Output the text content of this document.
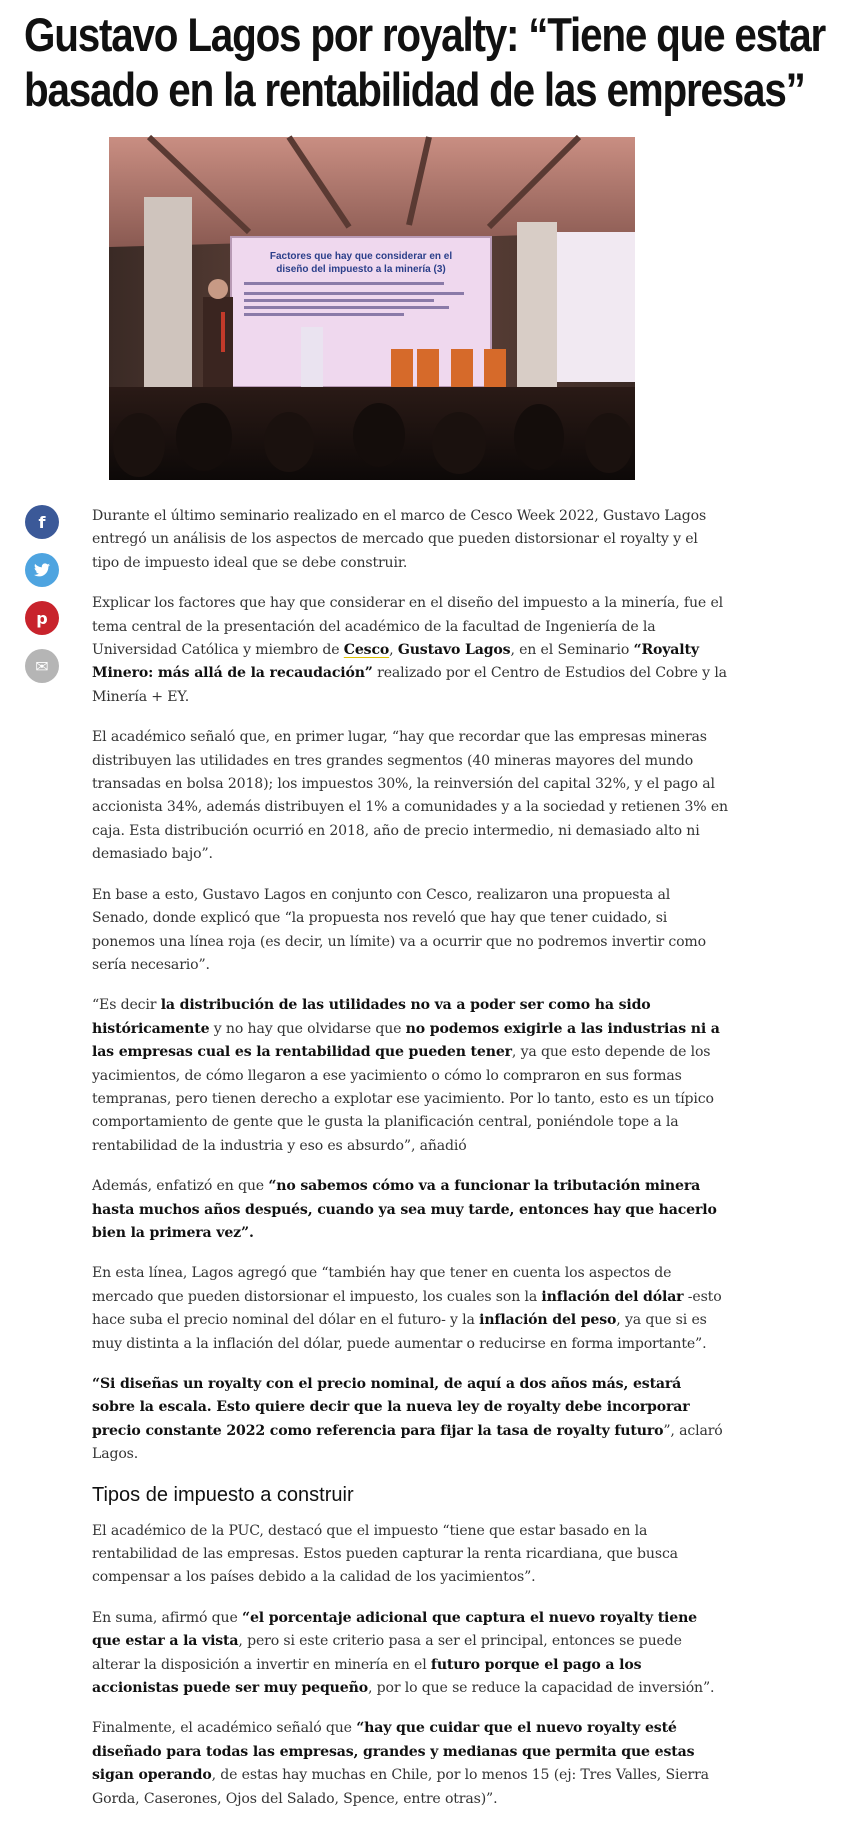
Gustavo Lagos por royalty: “Tiene que estar basado en la rentabilidad de las empresas”
Factores que hay que considerar en el
diseño del impuesto a la minería (3)
f
p
✉

Durante el último seminario realizado en el marco de Cesco Week 2022, Gustavo Lagos entregó un análisis de los aspectos de mercado que pueden distorsionar el royalty y el tipo de impuesto ideal que se debe construir.

Explicar los factores que hay que considerar en el diseño del impuesto a la minería, fue el tema central de la presentación del académico de la facultad de Ingeniería de la Universidad Católica y miembro de Cesco, Gustavo Lagos, en el Seminario “Royalty Minero: más allá de la recaudación” realizado por el Centro de Estudios del Cobre y la Minería + EY.

El académico señaló que, en primer lugar, “hay que recordar que las empresas mineras distribuyen las utilidades en tres grandes segmentos (40 mineras mayores del mundo transadas en bolsa 2018); los impuestos 30%, la reinversión del capital 32%, y el pago al accionista 34%, además distribuyen el 1% a comunidades y a la sociedad y retienen 3% en caja. Esta distribución ocurrió en 2018, año de precio intermedio, ni demasiado alto ni demasiado bajo”.

En base a esto, Gustavo Lagos en conjunto con Cesco, realizaron una propuesta al Senado, donde explicó que “la propuesta nos reveló que hay que tener cuidado, si ponemos una línea roja (es decir, un límite) va a ocurrir que no podremos invertir como sería necesario”.

“Es decir la distribución de las utilidades no va a poder ser como ha sido históricamente y no hay que olvidarse que no podemos exigirle a las industrias ni a las empresas cual es la rentabilidad que pueden tener, ya que esto depende de los yacimientos, de cómo llegaron a ese yacimiento o cómo lo compraron en sus formas tempranas, pero tienen derecho a explotar ese yacimiento. Por lo tanto, esto es un típico comportamiento de gente que le gusta la planificación central, poniéndole tope a la rentabilidad de la industria y eso es absurdo”, añadió

Además, enfatizó en que “no sabemos cómo va a funcionar la tributación minera hasta muchos años después, cuando ya sea muy tarde, entonces hay que hacerlo bien la primera vez”.

En esta línea, Lagos agregó que “también hay que tener en cuenta los aspectos de mercado que pueden distorsionar el impuesto, los cuales son la inflación del dólar -esto hace suba el precio nominal del dólar en el futuro- y la inflación del peso, ya que si es muy distinta a la inflación del dólar, puede aumentar o reducirse en forma importante”.

“Si diseñas un royalty con el precio nominal, de aquí a dos años más, estará sobre la escala. Esto quiere decir que la nueva ley de royalty debe incorporar precio constante 2022 como referencia para fijar la tasa de royalty futuro”, aclaró Lagos.

Tipos de impuesto a construir

El académico de la PUC, destacó que el impuesto “tiene que estar basado en la rentabilidad de las empresas. Estos pueden capturar la renta ricardiana, que busca compensar a los países debido a la calidad de los yacimientos”.

En suma, afirmó que “el porcentaje adicional que captura el nuevo royalty tiene que estar a la vista, pero si este criterio pasa a ser el principal, entonces se puede alterar la disposición a invertir en minería en el futuro porque el pago a los accionistas puede ser muy pequeño, por lo que se reduce la capacidad de inversión”.

Finalmente, el académico señaló que “hay que cuidar que el nuevo royalty esté diseñado para todas las empresas, grandes y medianas que permita que estas sigan operando, de estas hay muchas en Chile, por lo menos 15 (ej: Tres Valles, Sierra Gorda, Caserones, Ojos del Salado, Spence, entre otras)”.
